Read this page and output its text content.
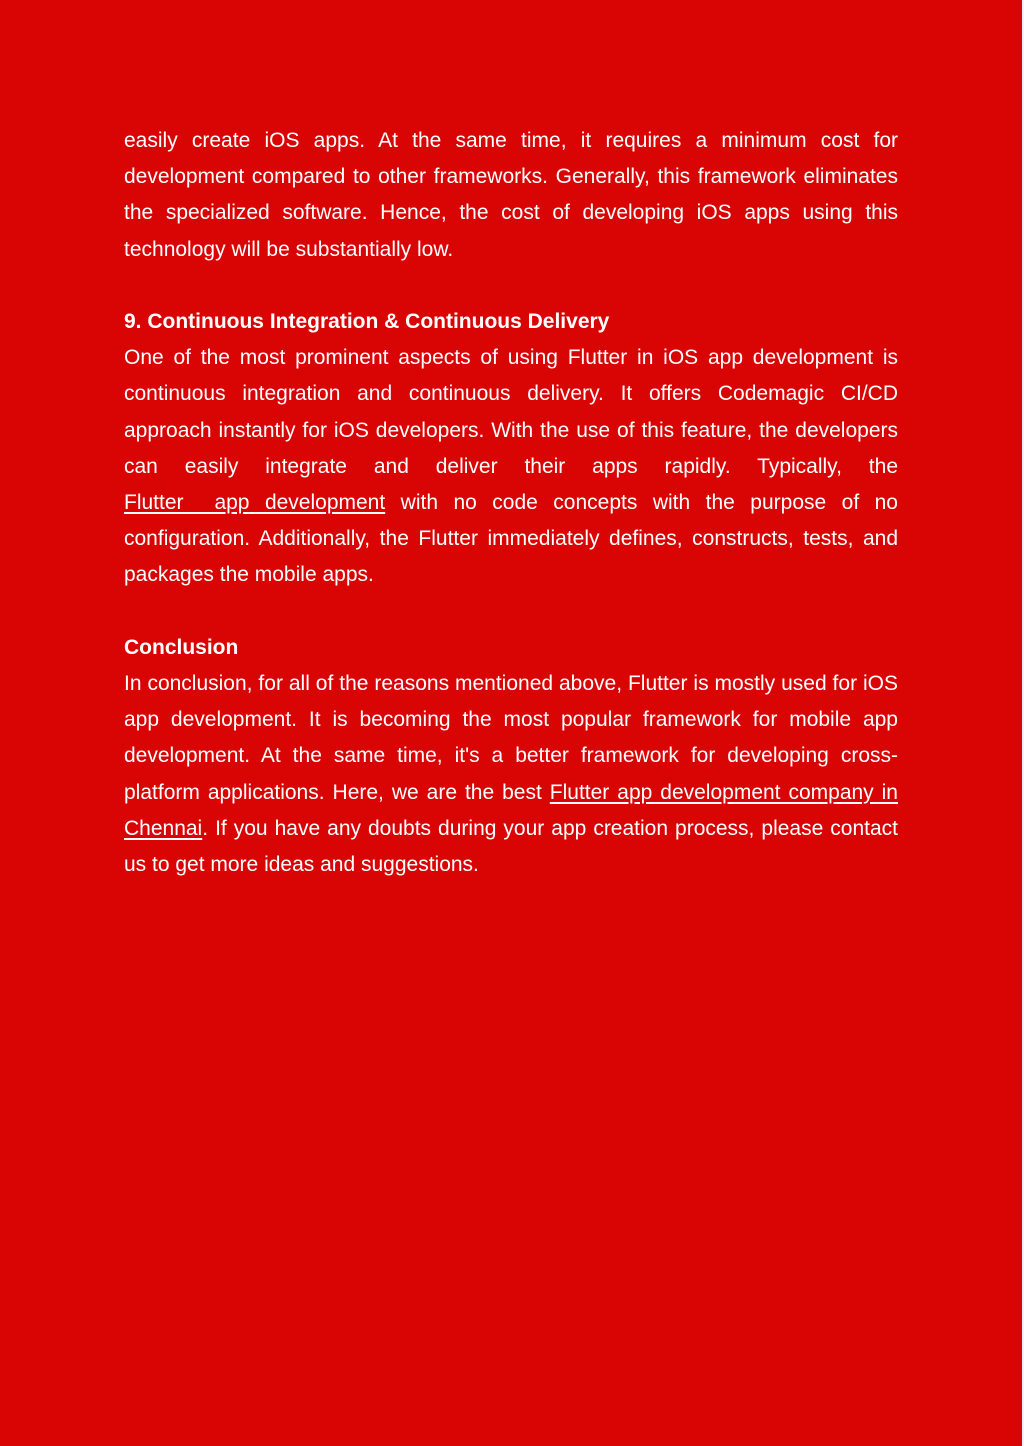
easily create iOS apps. At the same time, it requires a minimum cost for development compared to other frameworks. Generally, this framework eliminates the specialized software. Hence, the cost of developing iOS apps using this technology will be substantially low.

9. Continuous Integration & Continuous Delivery

One of the most prominent aspects of using Flutter in iOS app development is continuous integration and continuous delivery. It offers Codemagic CI/CD approach instantly for iOS developers. With the use of this feature, the developers can easily integrate and deliver their apps rapidly. Typically, the Flutter  app development with no code concepts with the purpose of no configuration. Additionally, the Flutter immediately defines, constructs, tests, and packages the mobile apps.

Conclusion

In conclusion, for all of the reasons mentioned above, Flutter is mostly used for iOS app development. It is becoming the most popular framework for mobile app development. At the same time, it's a better framework for developing cross-platform applications. Here, we are the best Flutter app development company in Chennai. If you have any doubts during your app creation process, please contact us to get more ideas and suggestions.
